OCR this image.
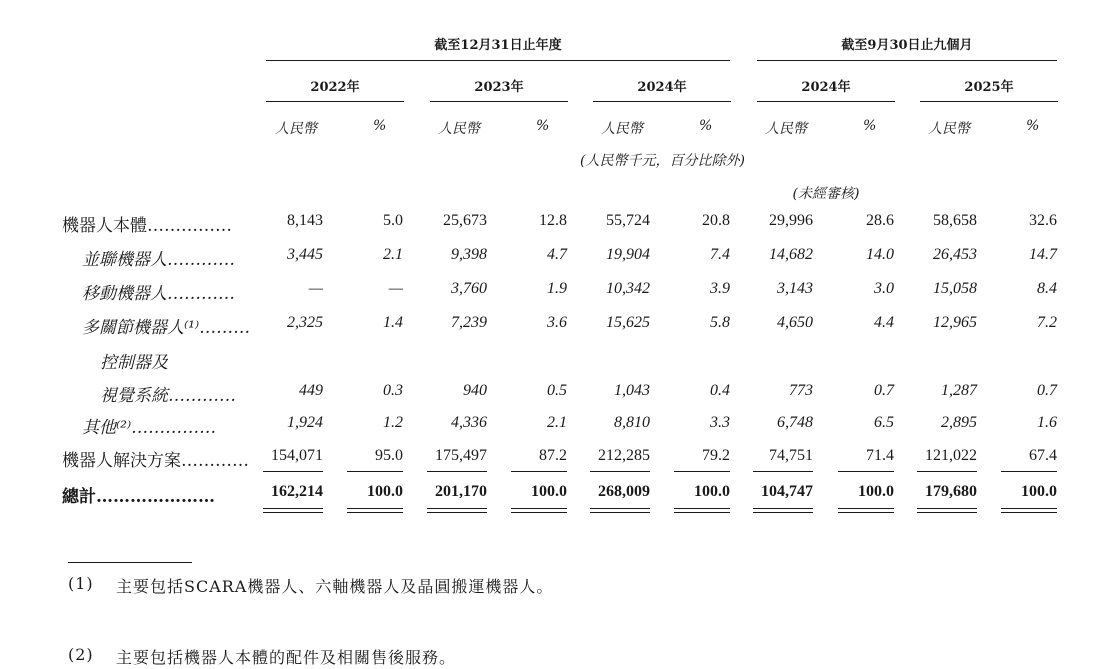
截至12月31日止年度	截至9月30日止九個月
2022年	2023年	2024年	2024年	2025年
人民幣	%	人民幣	%	人民幣	%	人民幣	%	人民幣	%
(人民幣千元，百分比除外)
(未經審核)
機器人本體……………	8,143	5.0	25,673	12.8	55,724	20.8	29,996	28.6	58,658	32.6
並聯機器人…………	3,445	2.1	9,398	4.7	19,904	7.4	14,682	14.0	26,453	14.7
移動機器人…………	—	—	3,760	1.9	10,342	3.9	3,143	3.0	15,058	8.4
多關節機器人⁽¹⁾………	2,325	1.4	7,239	3.6	15,625	5.8	4,650	4.4	12,965	7.2
控制器及
視覺系統…………	449	0.3	940	0.5	1,043	0.4	773	0.7	1,287	0.7
其他⁽²⁾……………	1,924	1.2	4,336	2.1	8,810	3.3	6,748	6.5	2,895	1.6
機器人解決方案…………	154,071	95.0	175,497	87.2	212,285	79.2	74,751	71.4	121,022	67.4
總計…………………	162,214	100.0	201,170	100.0	268,009	100.0	104,747	100.0	179,680	100.0
(1) 主要包括SCARA機器人、六軸機器人及晶圓搬運機器人。
(2) 主要包括機器人本體的配件及相關售後服務。
